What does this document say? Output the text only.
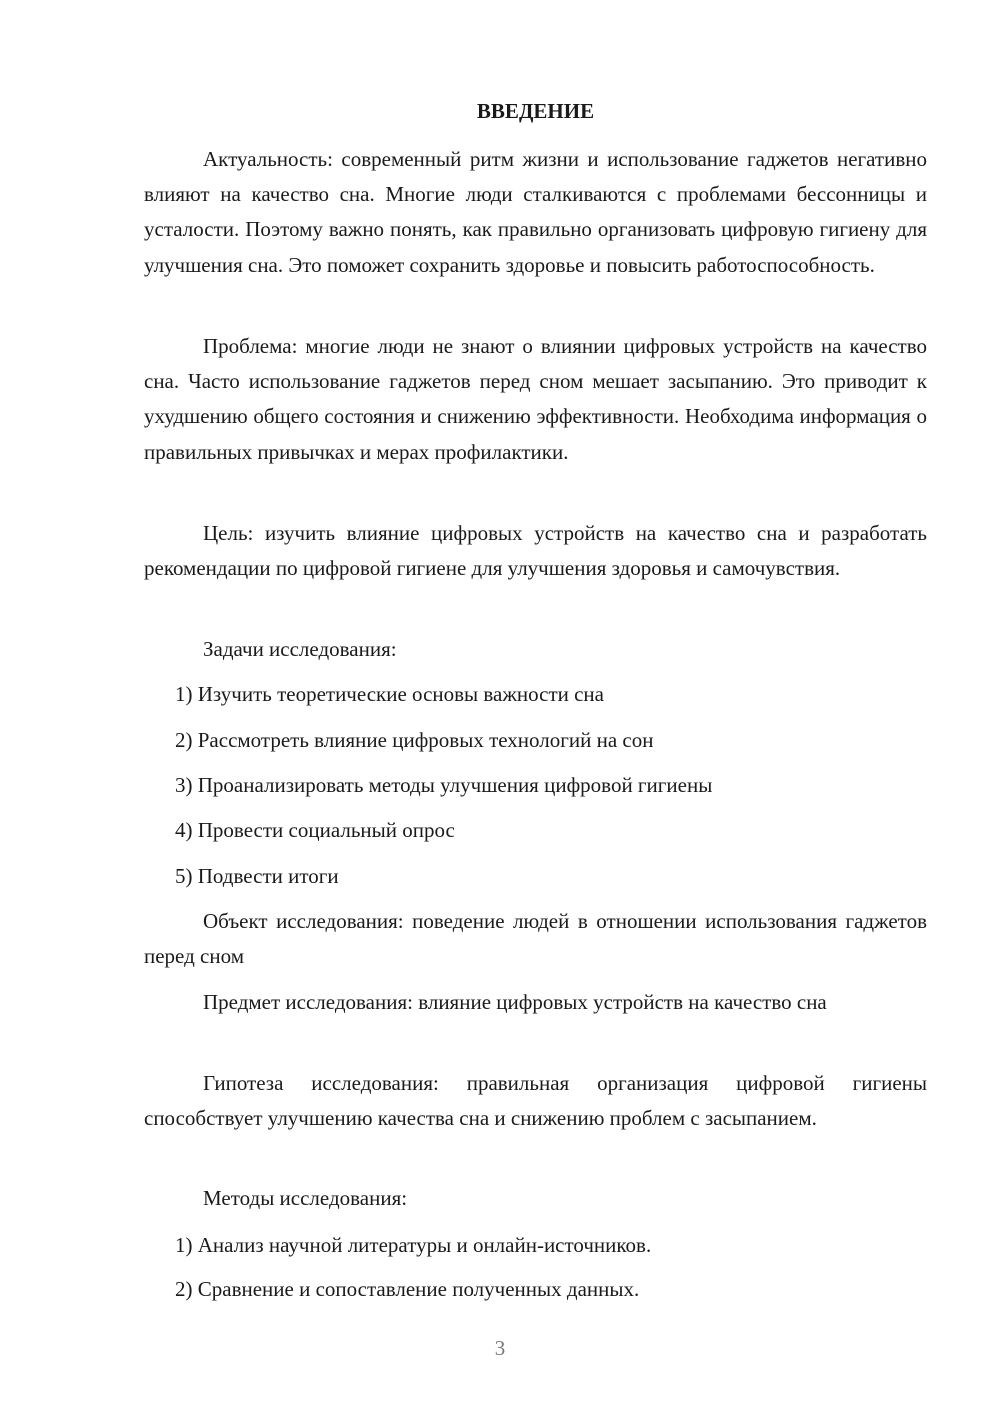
ВВЕДЕНИЕ

Актуальность: современный ритм жизни и использование гаджетов негативно влияют на качество сна. Многие люди сталкиваются с проблемами бессонницы и усталости. Поэтому важно понять, как правильно организовать цифровую гигиену для улучшения сна. Это поможет сохранить здоровье и повысить работоспособность.

Проблема: многие люди не знают о влиянии цифровых устройств на качество сна. Часто использование гаджетов перед сном мешает засыпанию. Это приводит к ухудшению общего состояния и снижению эффективности. Необходима информация о правильных привычках и мерах профилактики.

Цель: изучить влияние цифровых устройств на качество сна и разработать рекомендации по цифровой гигиене для улучшения здоровья и самочувствия.

Задачи исследования:

1) Изучить теоретические основы важности сна

2) Рассмотреть влияние цифровых технологий на сон

3) Проанализировать методы улучшения цифровой гигиены

4) Провести социальный опрос

5) Подвести итоги

Объект исследования: поведение людей в отношении использования гаджетов перед сном

Предмет исследования: влияние цифровых устройств на качество сна

Гипотеза исследования: правильная организация цифровой гигиены способствует улучшению качества сна и снижению проблем с засыпанием.

Методы исследования:

1) Анализ научной литературы и онлайн-источников.

2) Сравнение и сопоставление полученных данных.

3
